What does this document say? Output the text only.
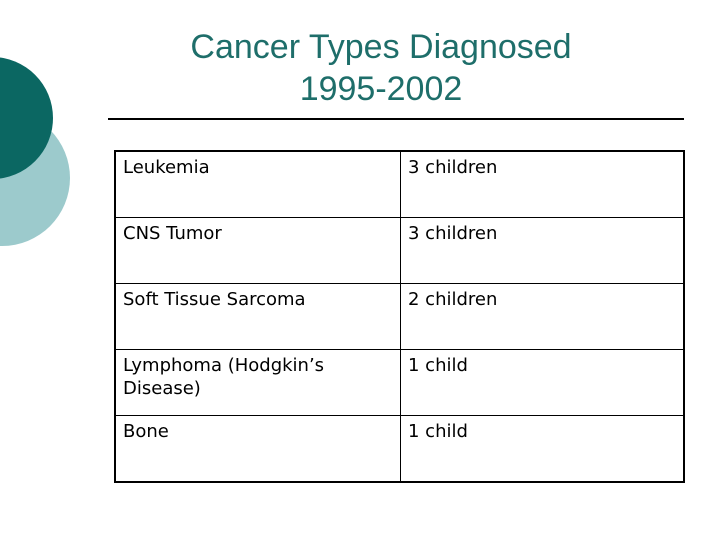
Cancer Types Diagnosed
1995-2002
Leukemia	3 children
CNS Tumor	3 children
Soft Tissue Sarcoma	2 children
Lymphoma (Hodgkin’s Disease)	1 child
Bone	1 child
